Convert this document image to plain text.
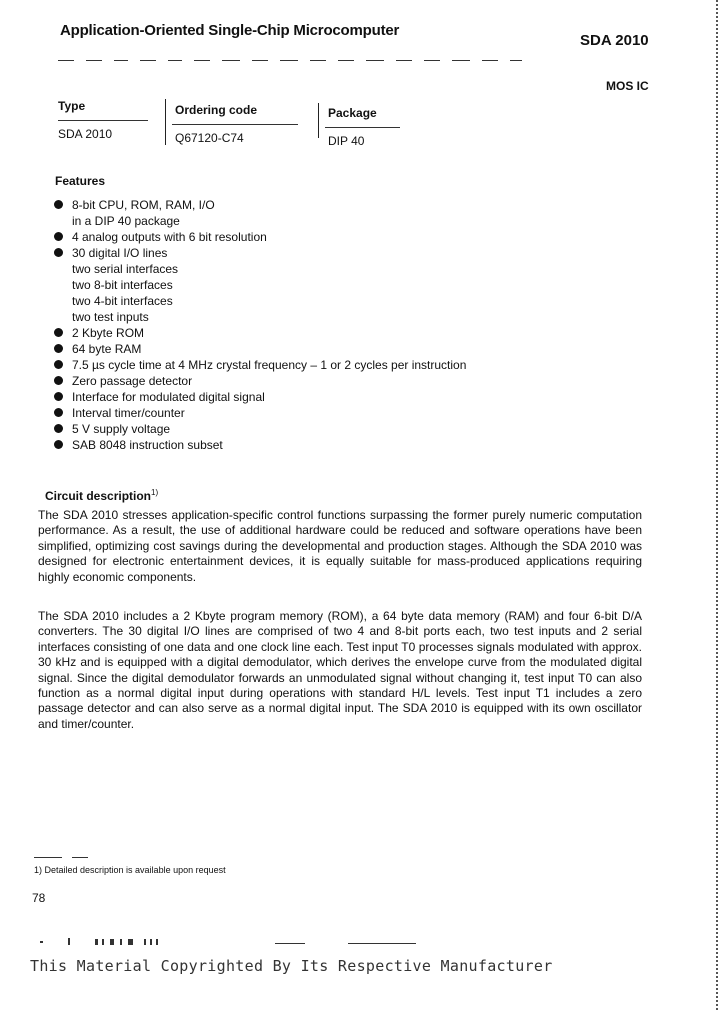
Application-Oriented Single-Chip Microcomputer
SDA 2010
MOS IC
Type	Ordering code	Package
SDA 2010	Q67120-C74	DIP 40
Features
8-bit CPU, ROM, RAM, I/O
in a DIP 40 package
4 analog outputs with 6 bit resolution
30 digital I/O lines
two serial interfaces
two 8-bit interfaces
two 4-bit interfaces
two test inputs
2 Kbyte ROM
64 byte RAM
7.5 µs cycle time at 4 MHz crystal frequency – 1 or 2 cycles per instruction
Zero passage detector
Interface for modulated digital signal
Interval timer/counter
5 V supply voltage
SAB 8048 instruction subset
Circuit description$^{1)}$
The SDA 2010 stresses application-specific control functions surpassing the former purely numeric computation performance. As a result, the use of additional hardware could be reduced and software operations have been simplified, optimizing cost savings during the developmental and production stages. Although the SDA 2010 was designed for electronic entertainment devices, it is equally suitable for mass-produced applications requiring highly economic components.
The SDA 2010 includes a 2 Kbyte program memory (ROM), a 64 byte data memory (RAM) and four 6-bit D/A converters. The 30 digital I/O lines are comprised of two 4 and 8-bit ports each, two test inputs and 2 serial interfaces consisting of one data and one clock line each. Test input T0 processes signals modulated with approx. 30 kHz and is equipped with a digital demodulator, which derives the envelope curve from the modulated digital signal. Since the digital demodulator forwards an unmodulated signal without changing it, test input T0 can also function as a normal digital input during operations with standard H/L levels. Test input T1 includes a zero passage detector and can also serve as a normal digital input. The SDA 2010 is equipped with its own oscillator and timer/counter.
1) Detailed description is available upon request
78
This Material Copyrighted By Its Respective Manufacturer
